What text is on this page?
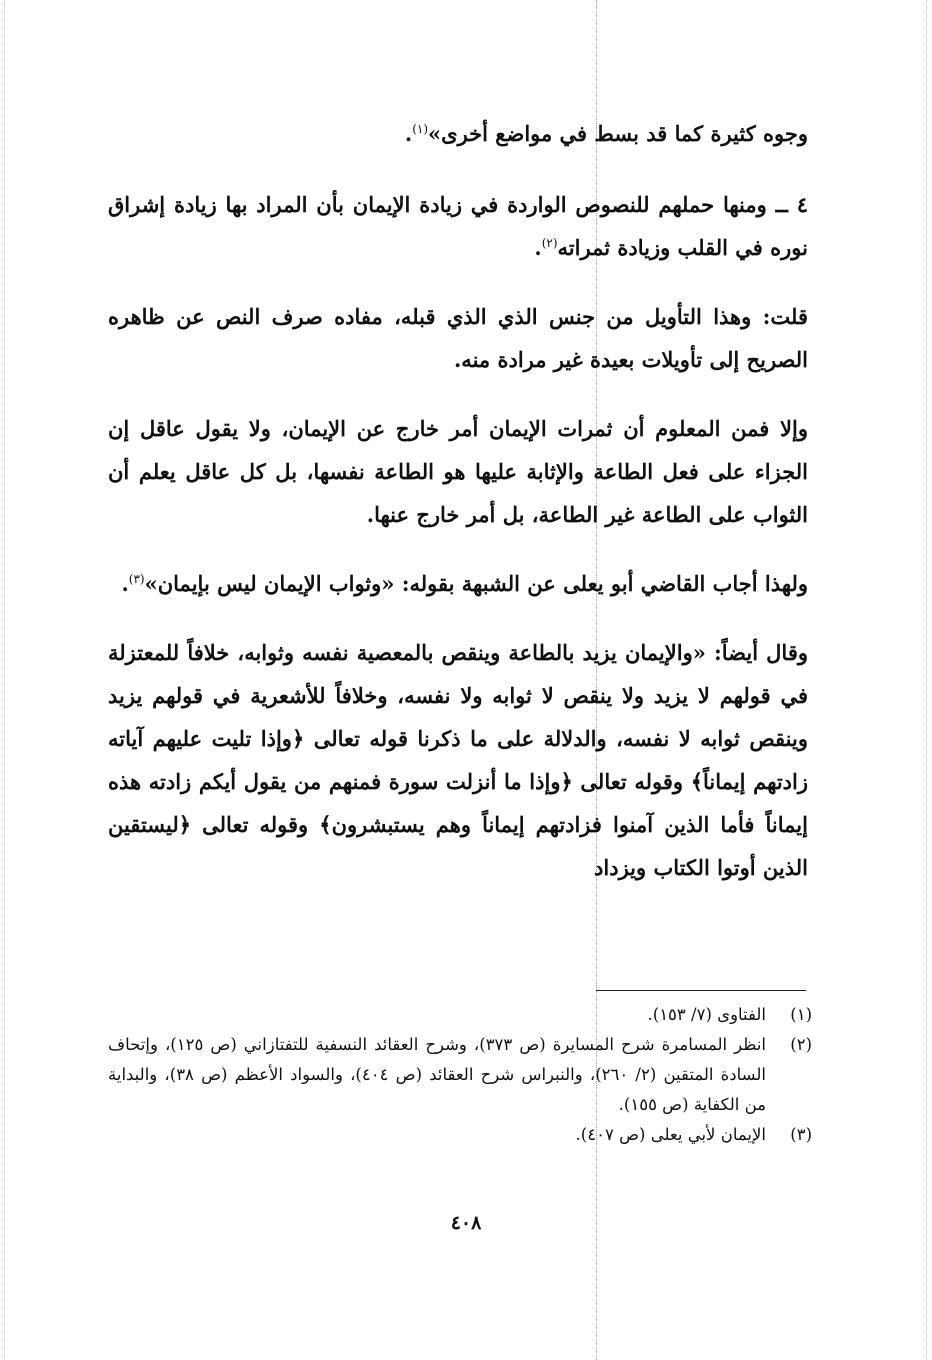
وجوه كثيرة كما قد بسط في مواضع أخرى»$^{(١)}$.

٤ ــ ومنها حملهم للنصوص الواردة في زيادة الإيمان بأن المراد بها زيادة إشراق نوره في القلب وزيادة ثمراته$^{(٢)}$.

قلت: وهذا التأويل من جنس الذي الذي قبله، مفاده صرف النص عن ظاهره الصريح إلى تأويلات بعيدة غير مرادة منه.

وإلا فمن المعلوم أن ثمرات الإيمان أمر خارج عن الإيمان، ولا يقول عاقل إن الجزاء على فعل الطاعة والإثابة عليها هو الطاعة نفسها، بل كل عاقل يعلم أن الثواب على الطاعة غير الطاعة، بل أمر خارج عنها.

ولهذا أجاب القاضي أبو يعلى عن الشبهة بقوله: «وثواب الإيمان ليس بإيمان»$^{(٣)}$.

وقال أيضاً: «والإيمان يزيد بالطاعة وينقص بالمعصية نفسه وثوابه، خلافاً للمعتزلة في قولهم لا يزيد ولا ينقص لا ثوابه ولا نفسه، وخلافاً للأشعرية في قولهم يزيد وينقص ثوابه لا نفسه، والدلالة على ما ذكرنا قوله تعالى ﴿وإذا تليت عليهم آياته زادتهم إيماناً﴾ وقوله تعالى ﴿وإذا ما أنزلت سورة فمنهم من يقول أيكم زادته هذه إيماناً فأما الذين آمنوا فزادتهم إيماناً وهم يستبشرون﴾ وقوله تعالى ﴿ليستقين الذين أوتوا الكتاب ويزداد

(١)
الفتاوى (٧/ ١٥٣).
(٢)
انظر المسامرة شرح المسايرة (ص ٣٧٣)، وشرح العقائد النسفية للتفتازاني (ص ١٢٥)، وإتحاف السادة المتقين (٢/ ٢٦٠)، والنبراس شرح العقائد (ص ٤٠٤)، والسواد الأعظم (ص ٣٨)، والبداية من الكفاية (ص ١٥٥).
(٣)
الإيمان لأبي يعلى (ص ٤٠٧).
٤٠٨
